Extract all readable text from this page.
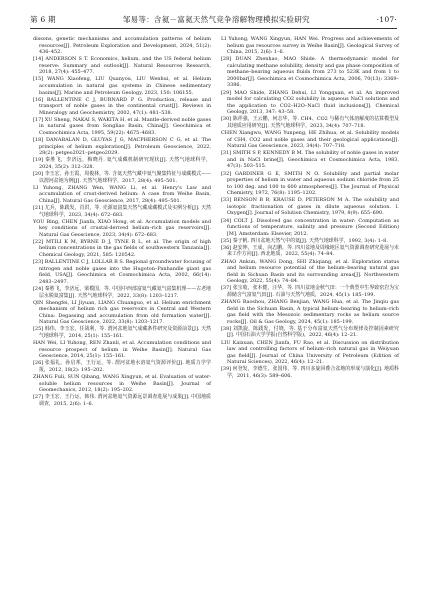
第 6 期	邹易等：含氦－富氦天然气竞争溶解物理模拟实验研究	·107·

dissons, genetic mechanisms and accumulation patterns of helium resources[J]. Petroleum Exploration and Development, 2024, 51(2): 436–452.

[14] ANDERSON S T. Economics, helium, and the US federal helium reserve: Summary and outlook[J]. Natural Resources Research, 2018, 27(4): 455–477.

[15] WANG Xiaofeng, LIU Quanyou, LIU Wenhui, et al. Helium accumulation in natural gas systems in Chinese sedimentary basins[J]. Marine and Petroleum Geology, 2023, 150: 106155.

[16] BALLENTINE C J, BURNARD P G. Production, release and transport of noble gases in the continental crust[J]. Reviews in Mineralogy and Geochemistry, 2002, 47(1): 481–538.

[17] XU Sheng, NAKAI S, WAKITA H, et al. Mantle-derived noble gases in natural gases from Songliao Basin, China[J]. Geochimica et Cosmochimica Acta, 1995, 59(22): 4675–4683.

[18] DANABALAN D, GLUYAS J G, MACPHERSON C G, et al. The principles of helium exploration[J]. Petroleum Geoscience, 2022, 28(2): petgeo2021–petgeo2029.

[19] 秦胜飞，李济远，梅晓丹. 氦气成藏机制研究现状[J]. 天然气地球科学，2024, 35(2): 312–328.

[20] 李玉宏，孙玉霞，周俊林，等. 含氦天然气藏中氦气聚集特征与成藏模式——以渭河盆地为例[J]. 天然气地球科学，2017, 28(4): 495–501.

LI Yuhong, ZHANG Wen, WANG Li, et al. Henry's Law and accumulation of crust-derived helium: A case from Weihe Basin, China[J]. Natural Gas Geoscience, 2017, 28(4): 495–501.

[21] 尤兵，陈践发，肖洪，等. 壳源氦富集天然气藏成藏模式及实例分析[J]. 天然气地球科学，2023, 34(4): 672–683.

YOU Bing, CHEN Jianfa, XIAO Hong, et al. Accumulation models and key conditions of crustal-derived helium–rich gas reservoirs[J]. Natural Gas Geoscience, 2023, 34(4): 672–683.

[22] MTILI K M, BYRNE D J, TYNE R L, et al. The origin of high helium concentrations in the gas fields of southwestern Tanzania[J]. Chemical Geology, 2021, 585: 120542.

[23] BALLENTINE C J, LOLLAR B S. Regional groundwater focusing of nitrogen and noble gases into the Hugoton–Panhandle giant gas field, USA[J]. Geochimica et Cosmochimica Acta, 2002, 66(14): 2483–2497.

[24] 秦胜飞，李济远，梁模国，等. 中国中西部富氦气藏氦气富集机理——古老地层水脱氦富集[J]. 天然气地球科学，2022, 33(8): 1203–1217.

QIN Shengfei, LI Jiyuan, LIANG Chuanguo, et al. Helium enrichment mechanism of helium rich gas reservoirs in Central and Western China: Degassing and accumulation from old formation water[J]. Natural Gas Geoscience, 2022, 33(8): 1203–1217.

[25] 韩伟，李玉宏，任战利，等. 渭河盆地氦气成藏条件研究及资源前景[J]. 天然气地球科学，2014, 25(1): 155–161.

HAN Wei, LI Yuhong, REN Zhanli, et al. Accumulation conditions and resource prospect of helium in Weihe Basin[J]. Natural Gas Geoscience, 2014, 25(1): 155–161.

[26] 张福礼，孙启邦，王行运，等. 渭河盆地水溶氦气资源评价[J]. 地质力学学报，2012, 18(2): 195–202.

ZHANG Fuli, SUN Qibang, WANG Xingyun, et al. Evaluation of water-soluble helium resources in Weihe Basin[J]. Journal of Geomechanics, 2012, 18(2): 195–202.

[27] 李玉宏，王行运，韩伟. 渭河盆地氦气资源远景调查进展与成果[J]. 中国地质调查，2015, 2(6): 1–6.

LI Yuhong, WANG Xingyun, HAN Wei. Progress and achievements of helium gas resources survey in Weihe Basin[J]. Geological Survey of China, 2015, 2(6): 1–6.

[28] DUAN Zhenhao, MAO Shide. A thermodynamic model for calculating methane solubility, density and gas phase composition of methane–bearing aqueous fluids from 273 to 523K and from 1 to 2000bar[J]. Geochimica et Cosmochimica Acta, 2006, 70(13): 3369–3386.

[29] MAO Shide, ZHANG Dehui, LI Yongquan, et al. An improved model for calculating CO2 solubility in aqueous NaCl solutions and the application to CO2–H2O–NaCl fluid inclusions[J]. Chemical Geology, 2013, 347: 43–58.

[30] 陈祥强，王云鹏，何志华，等. CH4、CO2 与稀有气体溶解度的估算模型及其地质应用研究[J]. 天然气地球科学，2023, 34(4): 707–718.

CHEN Xiangwu, WANG Yunpeng, HE Zhihua, et al. Solubility models of CH4, CO2 and noble gases and their geological applications[J]. Natural Gas Geoscience, 2023, 34(4): 707–718.

[31] SMITH S P, KENNEDY B M. The solubility of noble gases in water and in NaCl brine[J]. Geochimica et Cosmochimica Acta, 1983, 47(3): 503–515.

[32] GARDINER G E, SMITH N O. Solubility and partial molar properties of helium in water and aqueous sodium chloride from 25 to 100 deg. and 100 to 600 atmospheres[J]. The Journal of Physical Chemistry, 1972, 76(8): 1195–1202.

[33] BENSON B B, KRAUSE D, PETERSON M A. The solubility and isotopic fractionation of gases in dilute aqueous solution. I. Oxygen[J]. Journal of Solution Chemistry, 1979, 8(9): 655–690.

[34] COLT J. Dissolved gas concentration in water: Computation as functions of temperature, salinity and pressure (Second Edition)[M]. Amsterdam: Elsevier, 2012.

[35] 秦子帆. 四川盆地天然气中的氦[J]. 天然气地球科学，1992, 3(4): 1–8.

[36] 赵安坤，王成，向志鹏，等. 四川盆地及周缘地区氦气资源调查研究进展与未来工作方向[J]. 西北地质，2022, 55(4): 74–84.

ZHAO Ankun, WANG Dong, SHI Zhiqiang, et al. Exploration status and helium resource potential of the helium–bearing natural gas field in Sichuan Basin and its surrounding areas[J]. Northwestern Geology, 2022, 55(4): 74–84.

[37] 张宝收，张本健，汪华，等. 四川盆地金秋气田：一个典型中生界致密岩为宝源储含气富氦气田[J]. 石油与天然气地质，2024, 45(1): 185–199.

ZHANG Baoshou, ZHANG Benjian, WANG Hua, et al. The Jinqiu gas field in the Sichuan Basin, A typical helium–bearing to helium–rich gas field with the Mesozoic sedimentary rocks as helium source rocks[J]. Oil & Gas Geology, 2024, 45(1): 185–199.

[38] 刘凯旋，陈践发，付娆，等. 基于分布富氦天然气分布规律及控制因素研究[J]. 中国石油大学学报(自然科学版)，2022, 46(4): 12–21.

LIU Kaixuan, CHEN Jianfa, FU Rao, et al. Discussion on distribution law and controlling factors of helium–rich natural gas in Weiyuan gas field[J]. Journal of China University of Petroleum (Edition of Natural Sciences), 2022, 46(4): 12–21.

[39] 何登发，李德生，张国伟，等. 四川多旋回叠合盆地的形成与演化[J]. 地质科学，2011, 46(3): 589–606.
